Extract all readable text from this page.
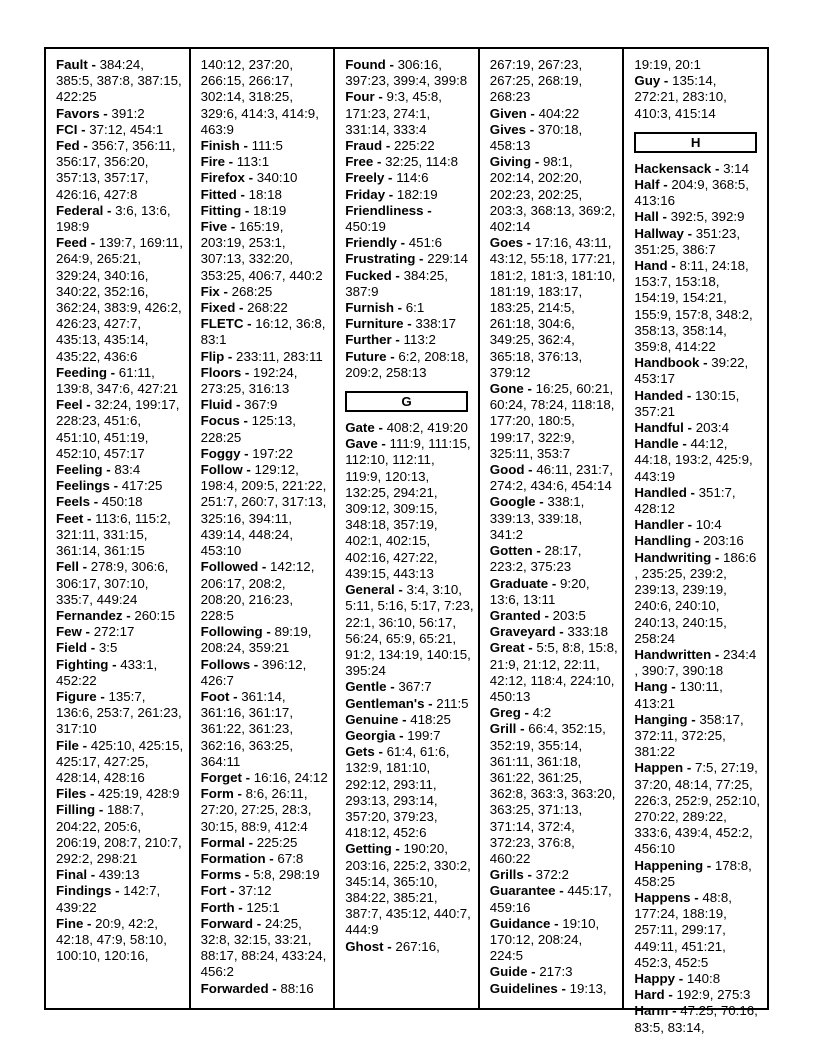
Fault - 384:24, 385:5, 387:8, 387:15, 422:25
Favors - 391:2
FCI - 37:12, 454:1
Fed - 356:7, 356:11, 356:17, 356:20, 357:13, 357:17, 426:16, 427:8
Federal - 3:6, 13:6, 198:9
Feed - 139:7, 169:11, 264:9, 265:21, 329:24, 340:16, 340:22, 352:16, 362:24, 383:9, 426:2, 426:23, 427:7, 435:13, 435:14, 435:22, 436:6
Feeding - 61:11, 139:8, 347:6, 427:21
Feel - 32:24, 199:17, 228:23, 451:6, 451:10, 451:19, 452:10, 457:17
Feeling - 83:4
Feelings - 417:25
Feels - 450:18
Feet - 113:6, 115:2, 321:11, 331:15, 361:14, 361:15
Fell - 278:9, 306:6, 306:17, 307:10, 335:7, 449:24
Fernandez - 260:15
Few - 272:17
Field - 3:5
Fighting - 433:1, 452:22
Figure - 135:7, 136:6, 253:7, 261:23, 317:10
File - 425:10, 425:15, 425:17, 427:25, 428:14, 428:16
Files - 425:19, 428:9
Filling - 188:7, 204:22, 205:6, 206:19, 208:7, 210:7, 292:2, 298:21
Final - 439:13
Findings - 142:7, 439:22
Fine - 20:9, 42:2, 42:18, 47:9, 58:10, 100:10, 120:16,
140:12, 237:20, 266:15, 266:17, 302:14, 318:25, 329:6, 414:3, 414:9, 463:9
Finish - 111:5
Fire - 113:1
Firefox - 340:10
Fitted - 18:18
Fitting - 18:19
Five - 165:19, 203:19, 253:1, 307:13, 332:20, 353:25, 406:7, 440:2
Fix - 268:25
Fixed - 268:22
FLETC - 16:12, 36:8, 83:1
Flip - 233:11, 283:11
Floors - 192:24, 273:25, 316:13
Fluid - 367:9
Focus - 125:13, 228:25
Foggy - 197:22
Follow - 129:12, 198:4, 209:5, 221:22, 251:7, 260:7, 317:13, 325:16, 394:11, 439:14, 448:24, 453:10
Followed - 142:12, 206:17, 208:2, 208:20, 216:23, 228:5
Following - 89:19, 208:24, 359:21
Follows - 396:12, 426:7
Foot - 361:14, 361:16, 361:17, 361:22, 361:23, 362:16, 363:25, 364:11
Forget - 16:16, 24:12
Form - 8:6, 26:11, 27:20, 27:25, 28:3, 30:15, 88:9, 412:4
Formal - 225:25
Formation - 67:8
Forms - 5:8, 298:19
Fort - 37:12
Forth - 125:1
Forward - 24:25, 32:8, 32:15, 33:21, 88:17, 88:24, 433:24, 456:2
Forwarded - 88:16
Found - 306:16, 397:23, 399:4, 399:8
Four - 9:3, 45:8, 171:23, 274:1, 331:14, 333:4
Fraud - 225:22
Free - 32:25, 114:8
Freely - 114:6
Friday - 182:19
Friendliness - 450:19
Friendly - 451:6
Frustrating - 229:14
Fucked - 384:25, 387:9
Furnish - 6:1
Furniture - 338:17
Further - 113:2
Future - 6:2, 208:18, 209:2, 258:13
G
Gate - 408:2, 419:20
Gave - 111:9, 111:15, 112:10, 112:11, 119:9, 120:13, 132:25, 294:21, 309:12, 309:15, 348:18, 357:19, 402:1, 402:15, 402:16, 427:22, 439:15, 443:13
General - 3:4, 3:10, 5:11, 5:16, 5:17, 7:23, 22:1, 36:10, 56:17, 56:24, 65:9, 65:21, 91:2, 134:19, 140:15, 395:24
Gentle - 367:7
Gentleman's - 211:5
Genuine - 418:25
Georgia - 199:7
Gets - 61:4, 61:6, 132:9, 181:10, 292:12, 293:11, 293:13, 293:14, 357:20, 379:23, 418:12, 452:6
Getting - 190:20, 203:16, 225:2, 330:2, 345:14, 365:10, 384:22, 385:21, 387:7, 435:12, 440:7, 444:9
Ghost - 267:16,
267:19, 267:23, 267:25, 268:19, 268:23
Given - 404:22
Gives - 370:18, 458:13
Giving - 98:1, 202:14, 202:20, 202:23, 202:25, 203:3, 368:13, 369:2, 402:14
Goes - 17:16, 43:11, 43:12, 55:18, 177:21, 181:2, 181:3, 181:10, 181:19, 183:17, 183:25, 214:5, 261:18, 304:6, 349:25, 362:4, 365:18, 376:13, 379:12
Gone - 16:25, 60:21, 60:24, 78:24, 118:18, 177:20, 180:5, 199:17, 322:9, 325:11, 353:7
Good - 46:11, 231:7, 274:2, 434:6, 454:14
Google - 338:1, 339:13, 339:18, 341:2
Gotten - 28:17, 223:2, 375:23
Graduate - 9:20, 13:6, 13:11
Granted - 203:5
Graveyard - 333:18
Great - 5:5, 8:8, 15:8, 21:9, 21:12, 22:11, 42:12, 118:4, 224:10, 450:13
Greg - 4:2
Grill - 66:4, 352:15, 352:19, 355:14, 361:11, 361:18, 361:22, 361:25, 362:8, 363:3, 363:20, 363:25, 371:13, 371:14, 372:4, 372:23, 376:8, 460:22
Grills - 372:2
Guarantee - 445:17, 459:16
Guidance - 19:10, 170:12, 208:24, 224:5
Guide - 217:3
Guidelines - 19:13,
19:19, 20:1
Guy - 135:14, 272:21, 283:10, 410:3, 415:14
H
Hackensack - 3:14
Half - 204:9, 368:5, 413:16
Hall - 392:5, 392:9
Hallway - 351:23, 351:25, 386:7
Hand - 8:11, 24:18, 153:7, 153:18, 154:19, 154:21, 155:9, 157:8, 348:2, 358:13, 358:14, 359:8, 414:22
Handbook - 39:22, 453:17
Handed - 130:15, 357:21
Handful - 203:4
Handle - 44:12, 44:18, 193:2, 425:9, 443:19
Handled - 351:7, 428:12
Handler - 10:4
Handling - 203:16
Handwriting - 186:6 , 235:25, 239:2, 239:13, 239:19, 240:6, 240:10, 240:13, 240:15, 258:24
Handwritten - 234:4 , 390:7, 390:18
Hang - 130:11, 413:21
Hanging - 358:17, 372:11, 372:25, 381:22
Happen - 7:5, 27:19, 37:20, 48:14, 77:25, 226:3, 252:9, 252:10, 270:22, 289:22, 333:6, 439:4, 452:2, 456:10
Happening - 178:8, 458:25
Happens - 48:8, 177:24, 188:19, 257:11, 299:17, 449:11, 451:21, 452:3, 452:5
Happy - 140:8
Hard - 192:9, 275:3
Harm - 47:25, 70:16, 83:5, 83:14,
